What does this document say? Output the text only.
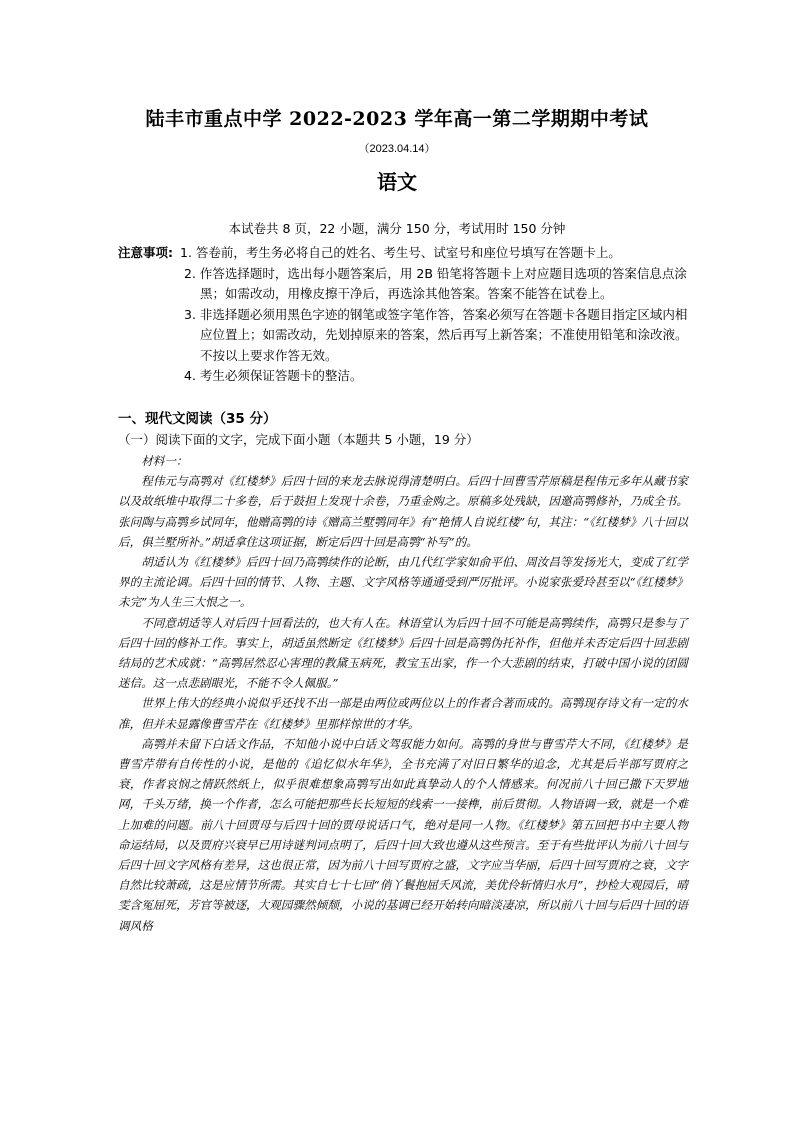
陆丰市重点中学 2022-2023 学年高一第二学期期中考试
（2023.04.14）
语文
本试卷共 8 页，22 小题，满分 150 分，考试用时 150 分钟
注意事项: 1. 答卷前，考生务必将自己的姓名、考生号、试室号和座位号填写在答题卡上。
2. 作答选择题时，选出每小题答案后，用 2B 铅笔将答题卡上对应题目选项的答案信息点涂黑；如需改动，用橡皮擦干净后，再选涂其他答案。答案不能答在试卷上。
3. 非选择题必须用黑色字迹的钢笔或签字笔作答，答案必须写在答题卡各题目指定区域内相应位置上；如需改动，先划掉原来的答案，然后再写上新答案；不准使用铅笔和涂改液。不按以上要求作答无效。
4. 考生必须保证答题卡的整洁。
一、现代文阅读（35 分）
（一）阅读下面的文字，完成下面小题（本题共 5 小题，19 分）

材料一：

程伟元与高鹗对《红楼梦》后四十回的来龙去脉说得清楚明白。后四十回曹雪芹原稿是程伟元多年从藏书家以及故纸堆中取得二十多卷，后于鼓担上发现十余卷，乃重金购之。原稿多处残缺，因邀高鹗修补，乃成全书。张问陶与高鹗乡试同年，他赠高鹗的诗《赠高兰墅鹗同年》有“艳情人自说红楼”句，其注：“《红楼梦》八十回以后，俱兰墅所补。”胡适拿住这项证据，断定后四十回是高鹗“补写”的。

胡适认为《红楼梦》后四十回乃高鹗续作的论断，由几代红学家如俞平伯、周汝昌等发扬光大，变成了红学界的主流论调。后四十回的情节、人物、主题、文字风格等通通受到严厉批评。小说家张爱玲甚至以“《红楼梦》未完”为人生三大恨之一。

不同意胡适等人对后四十回看法的，也大有人在。林语堂认为后四十回不可能是高鹗续作，高鹗只是参与了后四十回的修补工作。事实上，胡适虽然断定《红楼梦》后四十回是高鹗伪托补作，但他并未否定后四十回悲剧结局的艺术成就：“高鹗居然忍心害理的教黛玉病死，教宝玉出家，作一个大悲剧的结束，打破中国小说的团圆迷信。这一点悲剧眼光，不能不令人佩服。”

世界上伟大的经典小说似乎还找不出一部是由两位或两位以上的作者合著而成的。高鹗现存诗文有一定的水准，但并未显露像曹雪芹在《红楼梦》里那样惊世的才华。

高鹗并未留下白话文作品，不知他小说中白话文驾驭能力如何。高鹗的身世与曹雪芹大不同，《红楼梦》是曹雪芹带有自传性的小说，是他的《追忆似水年华》，全书充满了对旧日繁华的追念，尤其是后半部写贾府之衰，作者哀悯之情跃然纸上，似乎很难想象高鹗写出如此真挚动人的个人情感来。何况前八十回已撒下天罗地网，千头万绪，换一个作者，怎么可能把那些长长短短的线索一一接榫，前后贯彻。人物语调一致，就是一个难上加难的问题。前八十回贾母与后四十回的贾母说话口气，绝对是同一人物。《红楼梦》第五回把书中主要人物命运结局，以及贾府兴衰早已用诗谜判词点明了，后四十回大致也遵从这些预言。至于有些批评认为前八十回与后四十回文字风格有差异，这也很正常，因为前八十回写贾府之盛，文字应当华丽，后四十回写贾府之衰，文字自然比较萧疏，这是应情节所需。其实自七十七回“俏丫鬟抱屈夭风流，美优伶斩情归水月”，抄检大观园后，晴雯含冤屈死，芳官等被逐，大观园骤然倾颓，小说的基调已经开始转向暗淡凄凉，所以前八十回与后四十回的语调风格
